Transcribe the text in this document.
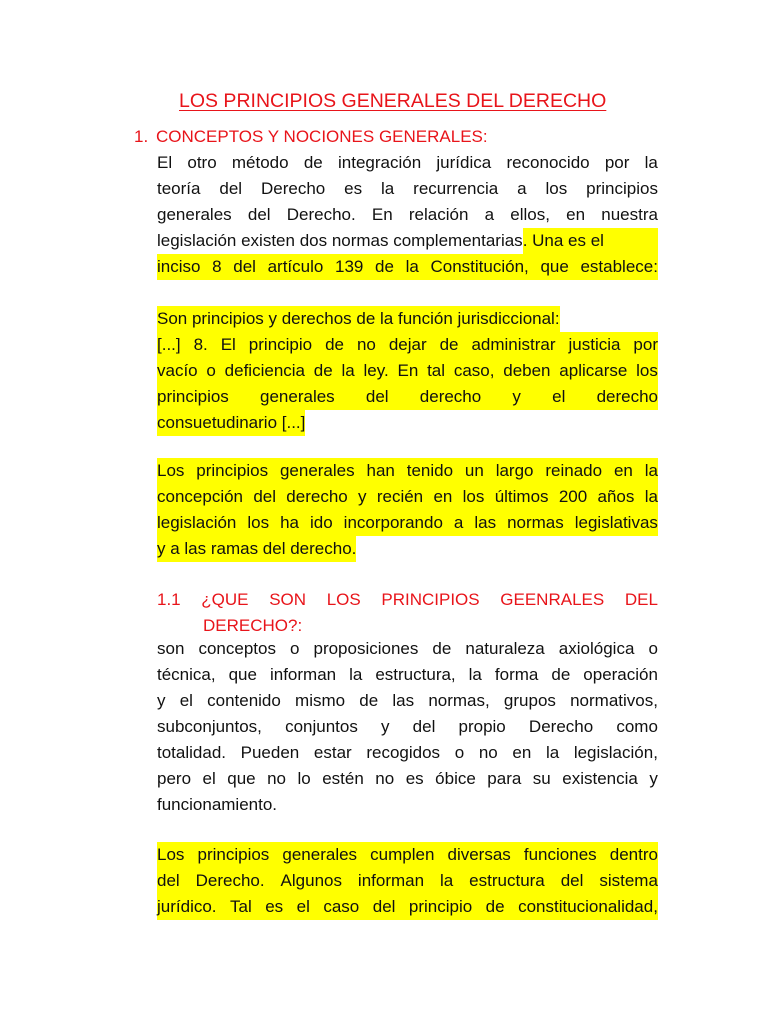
LOS PRINCIPIOS GENERALES DEL DERECHO
1. CONCEPTOS Y NOCIONES GENERALES:
El otro método de integración jurídica reconocido por la
teoría del Derecho es la recurrencia a los principios
generales del Derecho. En relación a ellos, en nuestra
legislación existen dos normas complementarias . Una es el
inciso 8 del artículo 139 de la Constitución, que establece:
Son principios y derechos de la función jurisdiccional:
[...] 8. El principio de no dejar de administrar justicia por
vacío o deficiencia de la ley. En tal caso, deben aplicarse los
principios generales del derecho y el derecho
consuetudinario [...]
Los principios generales han tenido un largo reinado en la
concepción del derecho y recién en los últimos 200 años la
legislación los ha ido incorporando a las normas legislativas
y a las ramas del derecho.
1.1 ¿QUE SON LOS PRINCIPIOS GEENRALES DEL
DERECHO?:
son conceptos o proposiciones de naturaleza axiológica o
técnica, que informan la estructura, la forma de operación
y el contenido mismo de las normas, grupos normativos,
subconjuntos, conjuntos y del propio Derecho como
totalidad. Pueden estar recogidos o no en la legislación,
pero el que no lo estén no es óbice para su existencia y
funcionamiento.
Los principios generales cumplen diversas funciones dentro
del Derecho. Algunos informan la estructura del sistema
jurídico. Tal es el caso del principio de constitucionalidad,
